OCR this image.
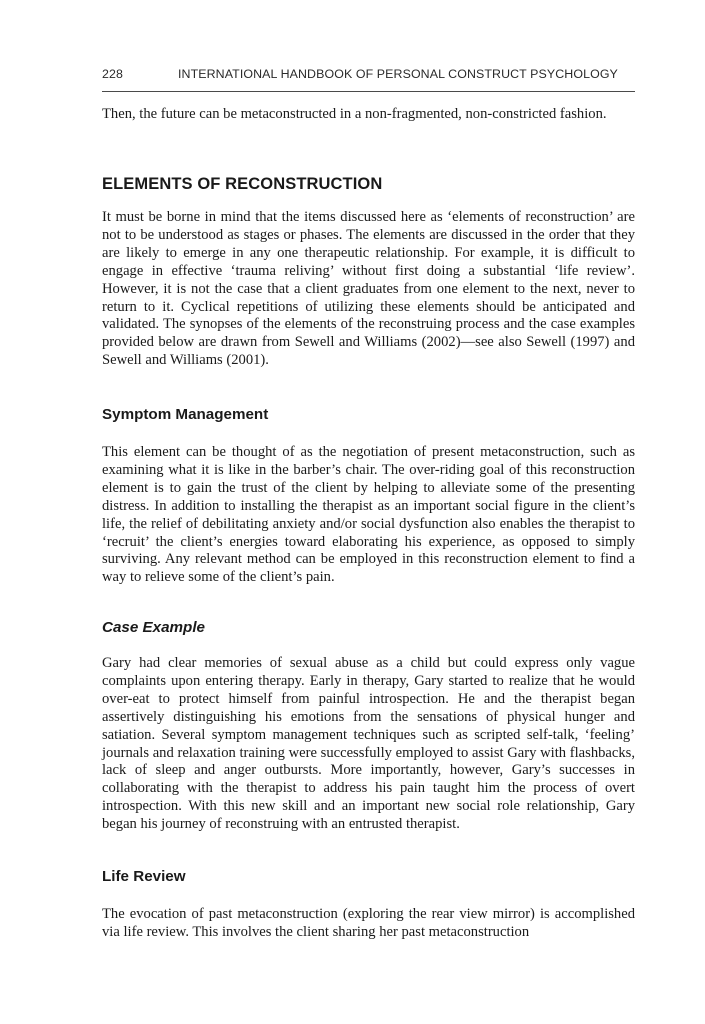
228	INTERNATIONAL HANDBOOK OF PERSONAL CONSTRUCT PSYCHOLOGY

Then, the future can be metaconstructed in a non-fragmented, non-constricted fashion.

ELEMENTS OF RECONSTRUCTION

It must be borne in mind that the items discussed here as ‘elements of reconstruction’ are not to be understood as stages or phases. The elements are discussed in the order that they are likely to emerge in any one therapeutic relationship. For example, it is difficult to engage in effective ‘trauma reliving’ without first doing a substantial ‘life review’. However, it is not the case that a client graduates from one element to the next, never to return to it. Cyclical repetitions of utilizing these elements should be anticipated and validated. The synopses of the elements of the reconstruing process and the case examples provided below are drawn from Sewell and Williams (2002)—see also Sewell (1997) and Sewell and Williams (2001).

Symptom Management

This element can be thought of as the negotiation of present metaconstruction, such as examining what it is like in the barber’s chair. The over-riding goal of this reconstruction element is to gain the trust of the client by helping to alleviate some of the presenting distress. In addition to installing the therapist as an important social figure in the client’s life, the relief of debilitating anxiety and/or social dysfunction also enables the therapist to ‘recruit’ the client’s energies toward elaborating his experience, as opposed to simply surviving. Any relevant method can be employed in this reconstruction element to find a way to relieve some of the client’s pain.

Case Example

Gary had clear memories of sexual abuse as a child but could express only vague complaints upon entering therapy. Early in therapy, Gary started to realize that he would over-eat to protect himself from painful introspection. He and the therapist began assertively distinguishing his emotions from the sensations of physical hunger and satiation. Several symptom management techniques such as scripted self-talk, ‘feeling’ journals and relaxation training were successfully employed to assist Gary with flashbacks, lack of sleep and anger outbursts. More importantly, however, Gary’s successes in collaborating with the therapist to address his pain taught him the process of overt introspection. With this new skill and an important new social role relationship, Gary began his journey of reconstruing with an entrusted therapist.

Life Review

The evocation of past metaconstruction (exploring the rear view mirror) is accomplished via life review. This involves the client sharing her past metaconstruction
